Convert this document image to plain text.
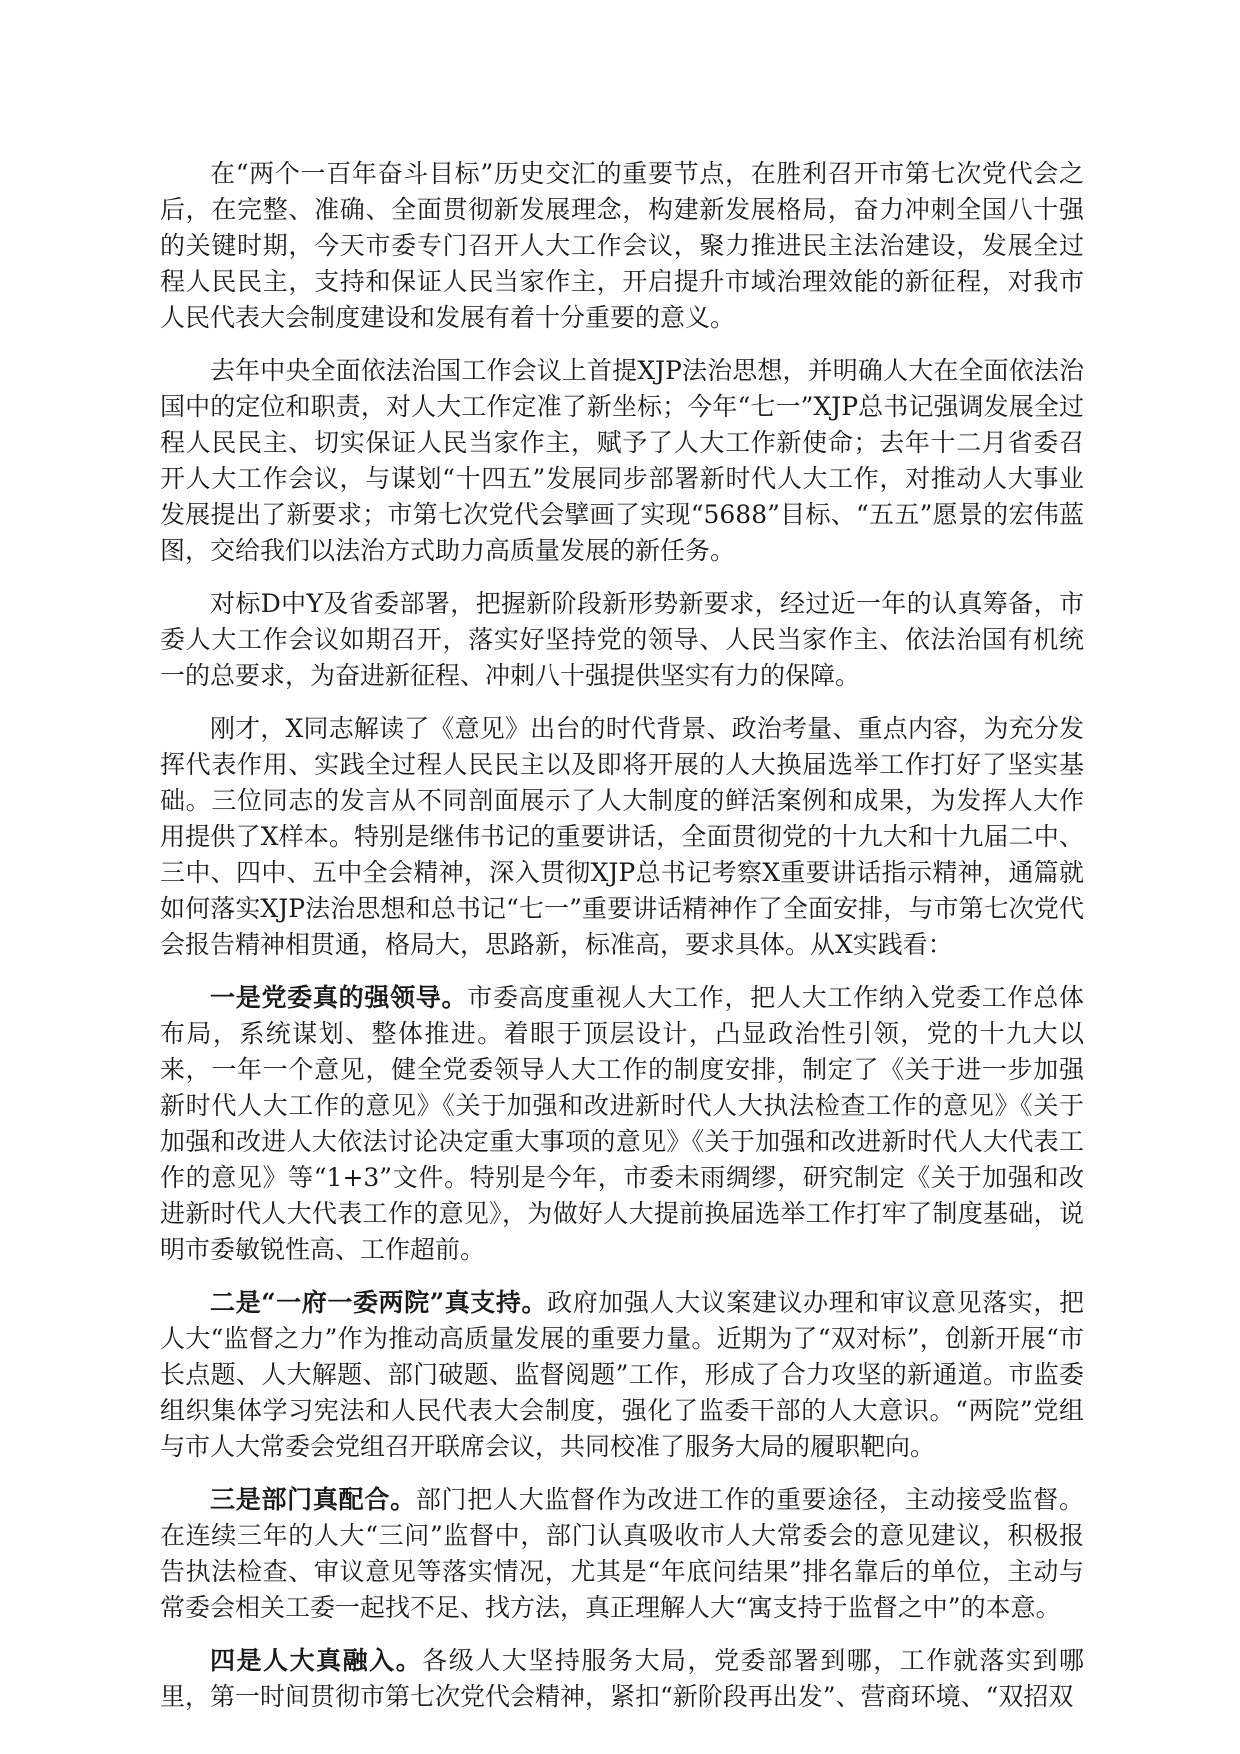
在“两个一百年奋斗目标”历史交汇的重要节点，在胜利召开市第七次党代会之后，在完整、准确、全面贯彻新发展理念，构建新发展格局，奋力冲刺全国八十强的关键时期，今天市委专门召开人大工作会议，聚力推进民主法治建设，发展全过程人民民主，支持和保证人民当家作主，开启提升市域治理效能的新征程，对我市人民代表大会制度建设和发展有着十分重要的意义。

去年中央全面依法治国工作会议上首提XJP法治思想，并明确人大在全面依法治国中的定位和职责，对人大工作定准了新坐标；今年“七一”XJP总书记强调发展全过程人民民主、切实保证人民当家作主，赋予了人大工作新使命；去年十二月省委召开人大工作会议，与谋划“十四五”发展同步部署新时代人大工作，对推动人大事业发展提出了新要求；市第七次党代会擘画了实现“5688”目标、“五五”愿景的宏伟蓝图，交给我们以法治方式助力高质量发展的新任务。

对标D中Y及省委部署，把握新阶段新形势新要求，经过近一年的认真筹备，市委人大工作会议如期召开，落实好坚持党的领导、人民当家作主、依法治国有机统一的总要求，为奋进新征程、冲刺八十强提供坚实有力的保障。

刚才，X同志解读了《意见》出台的时代背景、政治考量、重点内容，为充分发挥代表作用、实践全过程人民民主以及即将开展的人大换届选举工作打好了坚实基础。三位同志的发言从不同剖面展示了人大制度的鲜活案例和成果，为发挥人大作用提供了X样本。特别是继伟书记的重要讲话，全面贯彻党的十九大和十九届二中、三中、四中、五中全会精神，深入贯彻XJP总书记考察X重要讲话指示精神，通篇就如何落实XJP法治思想和总书记“七一”重要讲话精神作了全面安排，与市第七次党代会报告精神相贯通，格局大，思路新，标准高，要求具体。从X实践看：

一是党委真的强领导。市委高度重视人大工作，把人大工作纳入党委工作总体布局，系统谋划、整体推进。着眼于顶层设计，凸显政治性引领，党的十九大以来，一年一个意见，健全党委领导人大工作的制度安排，制定了《关于进一步加强新时代人大工作的意见》《关于加强和改进新时代人大执法检查工作的意见》《关于加强和改进人大依法讨论决定重大事项的意见》《关于加强和改进新时代人大代表工作的意见》等“1+3”文件。特别是今年，市委未雨绸缪，研究制定《关于加强和改进新时代人大代表工作的意见》，为做好人大提前换届选举工作打牢了制度基础，说明市委敏锐性高、工作超前。

二是“一府一委两院”真支持。政府加强人大议案建议办理和审议意见落实，把人大“监督之力”作为推动高质量发展的重要力量。近期为了“双对标”，创新开展“市长点题、人大解题、部门破题、监督阅题”工作，形成了合力攻坚的新通道。市监委组织集体学习宪法和人民代表大会制度，强化了监委干部的人大意识。“两院”党组与市人大常委会党组召开联席会议，共同校准了服务大局的履职靶向。

三是部门真配合。部门把人大监督作为改进工作的重要途径，主动接受监督。在连续三年的人大“三问”监督中，部门认真吸收市人大常委会的意见建议，积极报告执法检查、审议意见等落实情况，尤其是“年底问结果”排名靠后的单位，主动与常委会相关工委一起找不足、找方法，真正理解人大“寓支持于监督之中”的本意。

四是人大真融入。各级人大坚持服务大局，党委部署到哪，工作就落实到哪里，第一时间贯彻市第七次党代会精神，紧扣“新阶段再出发”、营商环境、“双招双
